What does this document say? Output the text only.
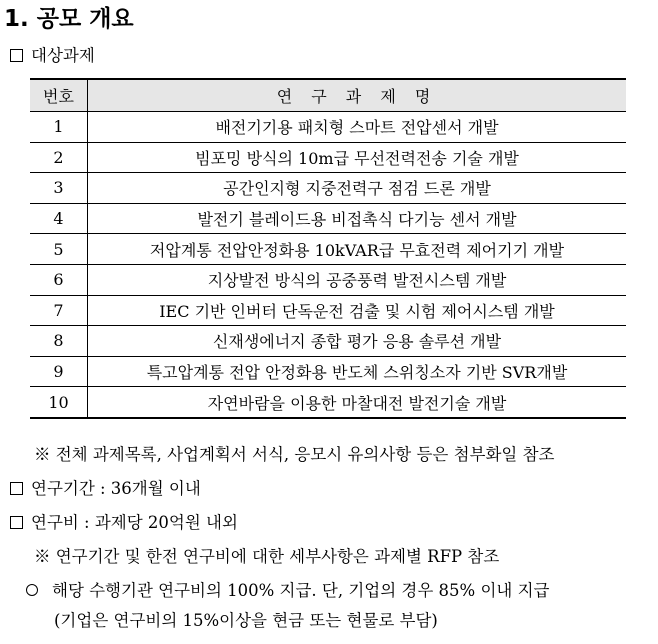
1. 공모 개요
대상과제
번호	연 구 과 제 명
1	배전기기용 패치형 스마트 전압센서 개발
2	빔포밍 방식의 10m급 무선전력전송 기술 개발
3	공간인지형 지중전력구 점검 드론 개발
4	발전기 블레이드용 비접촉식 다기능 센서 개발
5	저압계통 전압안정화용 10kVAR급 무효전력 제어기기 개발
6	지상발전 방식의 공중풍력 발전시스템 개발
7	IEC 기반 인버터 단독운전 검출 및 시험 제어시스템 개발
8	신재생에너지 종합 평가 응용 솔루션 개발
9	특고압계통 전압 안정화용 반도체 스위칭소자 기반 SVR개발
10	자연바람을 이용한 마찰대전 발전기술 개발
※ 전체 과제목록, 사업계획서 서식, 응모시 유의사항 등은 첨부화일 참조
연구기간 : 36개월 이내
연구비 : 과제당 20억원 내외
※ 연구기간 및 한전 연구비에 대한 세부사항은 과제별 RFP 참조
해당 수행기관 연구비의 100% 지급. 단, 기업의 경우 85% 이내 지급
(기업은 연구비의 15%이상을 현금 또는 현물로 부담)
